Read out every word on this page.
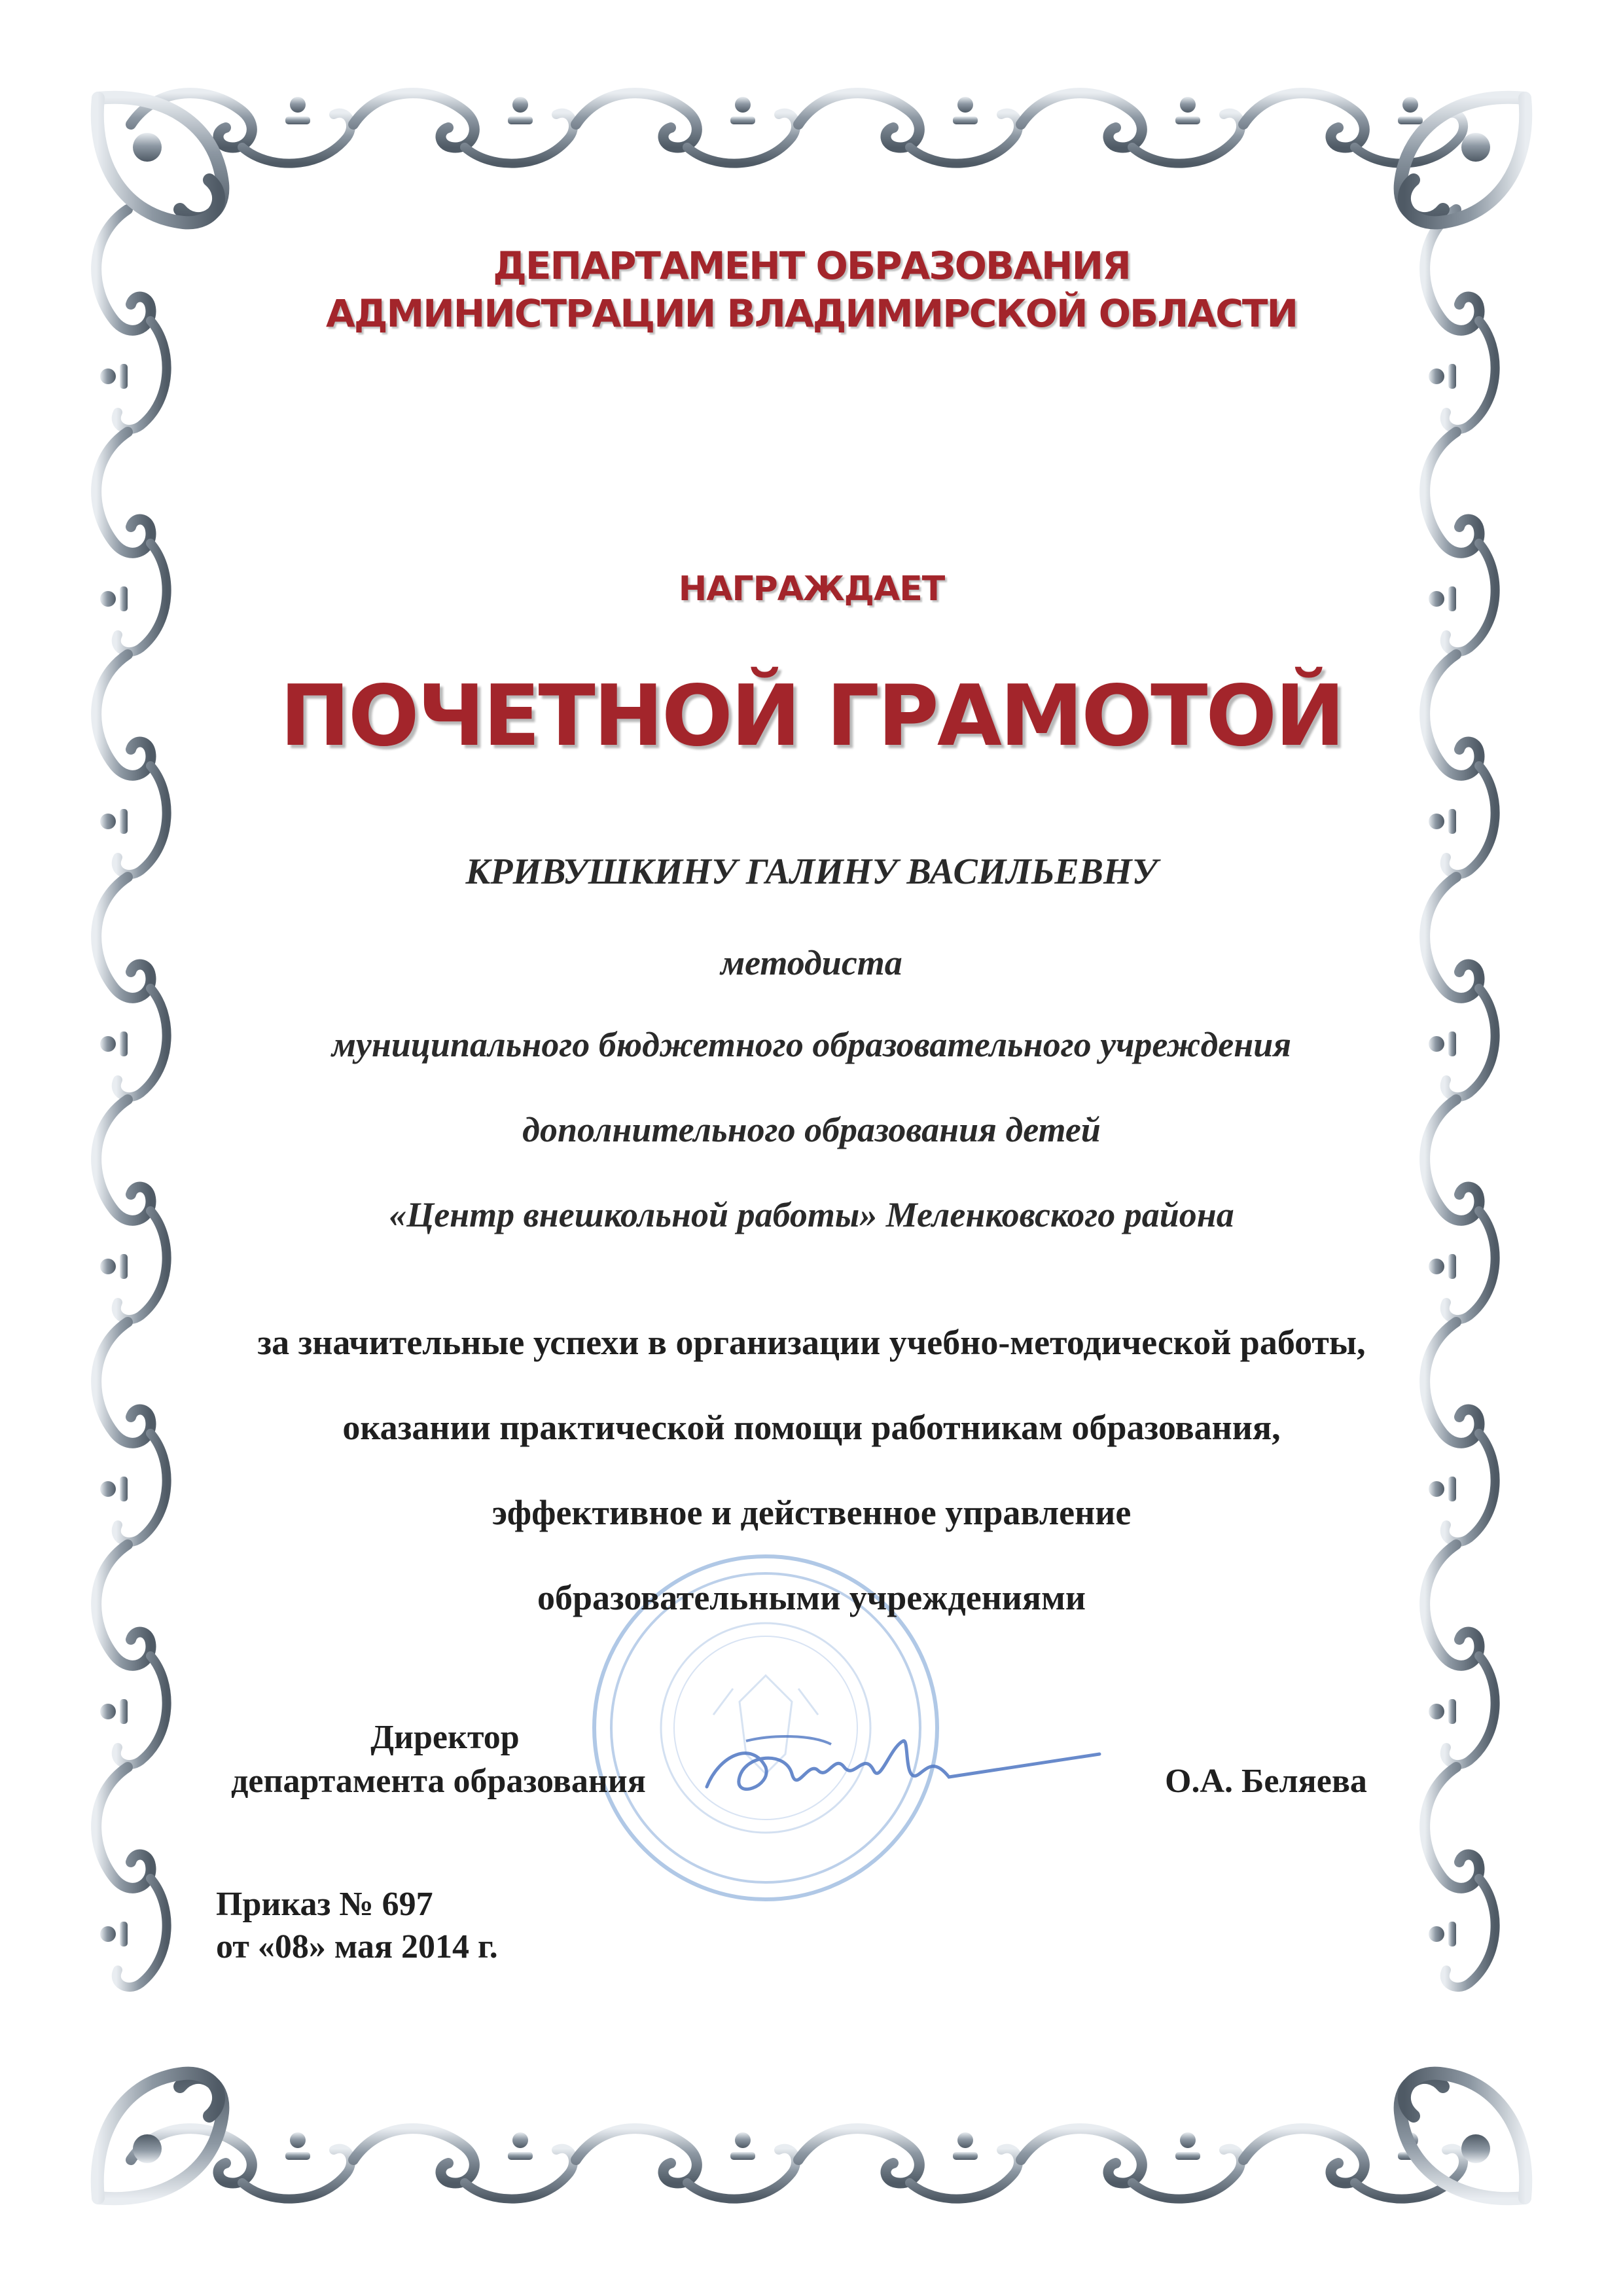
ДЕПАРТАМЕНТ ОБРАЗОВАНИЯ
АДМИНИСТРАЦИИ ВЛАДИМИРСКОЙ ОБЛАСТИ
НАГРАЖДАЕТ
ПОЧЕТНОЙ ГРАМОТОЙ
КРИВУШКИНУ ГАЛИНУ ВАСИЛЬЕВНУ
методиста
муниципального бюджетного образовательного учреждения
дополнительного образования детей
«Центр внешкольной работы» Меленковского района
за значительные успехи в организации учебно-методической работы,
оказании практической помощи работникам образования,
эффективное и действенное управление
образовательными учреждениями
Директор
департамента образования	О.А. Беляева
Приказ № 697
от «08» мая 2014 г.
